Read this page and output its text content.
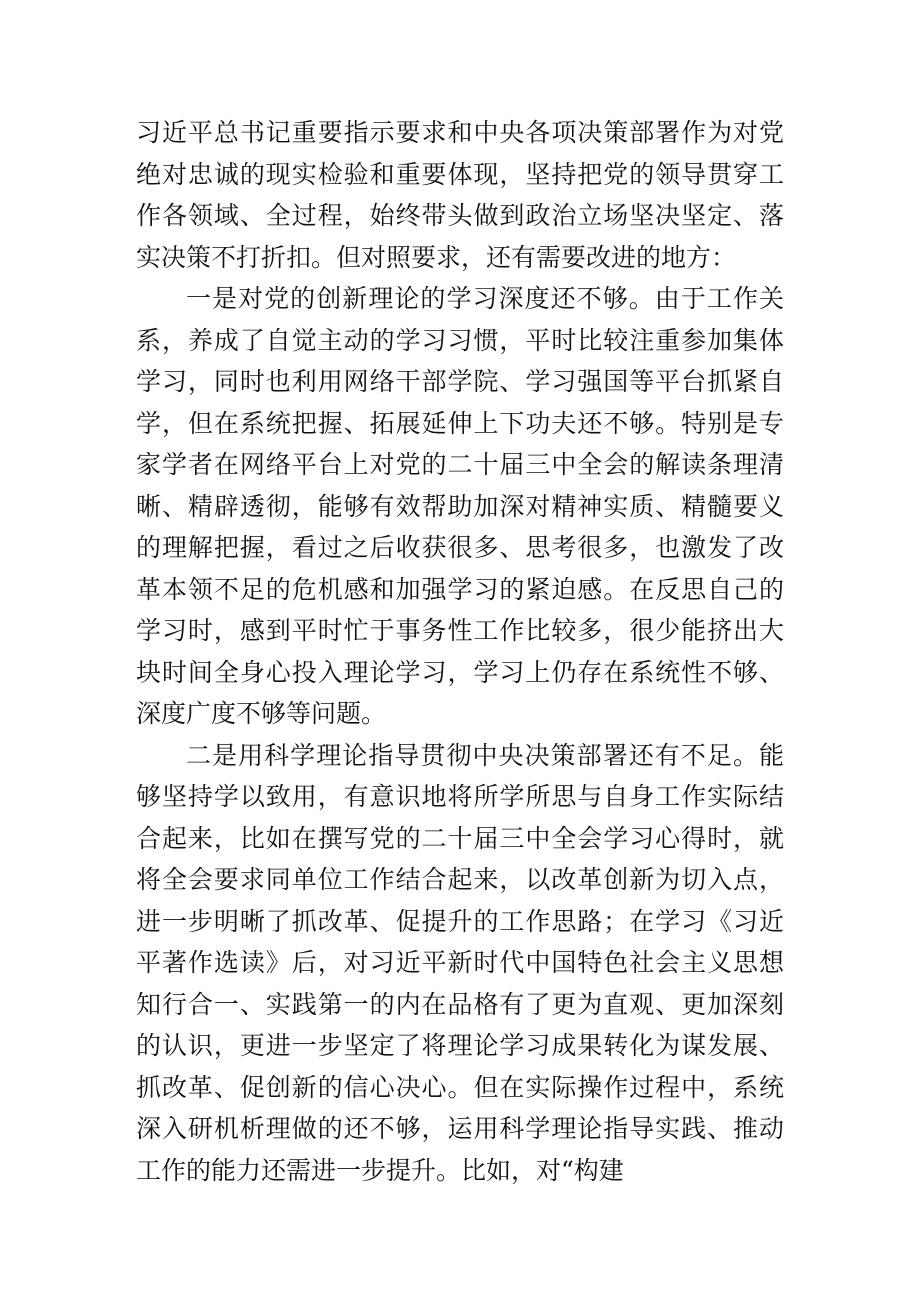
习近平总书记重要指示要求和中央各项决策部署作为对党绝对忠诚的现实检验和重要体现，坚持把党的领导贯穿工作各领域、全过程，始终带头做到政治立场坚决坚定、落实决策不打折扣。但对照要求，还有需要改进的地方：

一是对党的创新理论的学习深度还不够。由于工作关系，养成了自觉主动的学习习惯，平时比较注重参加集体学习，同时也利用网络干部学院、学习强国等平台抓紧自学，但在系统把握、拓展延伸上下功夫还不够。特别是专家学者在网络平台上对党的二十届三中全会的解读条理清晰、精辟透彻，能够有效帮助加深对精神实质、精髓要义的理解把握，看过之后收获很多、思考很多，也激发了改革本领不足的危机感和加强学习的紧迫感。在反思自己的学习时，感到平时忙于事务性工作比较多，很少能挤出大块时间全身心投入理论学习，学习上仍存在系统性不够、深度广度不够等问题。

二是用科学理论指导贯彻中央决策部署还有不足。能够坚持学以致用，有意识地将所学所思与自身工作实际结合起来，比如在撰写党的二十届三中全会学习心得时，就将全会要求同单位工作结合起来，以改革创新为切入点，进一步明晰了抓改革、促提升的工作思路；在学习《习近平著作选读》后，对习近平新时代中国特色社会主义思想知行合一、实践第一的内在品格有了更为直观、更加深刻的认识，更进一步坚定了将理论学习成果转化为谋发展、抓改革、促创新的信心决心。但在实际操作过程中，系统深入研机析理做的还不够，运用科学理论指导实践、推动工作的能力还需进一步提升。比如，对“构建
